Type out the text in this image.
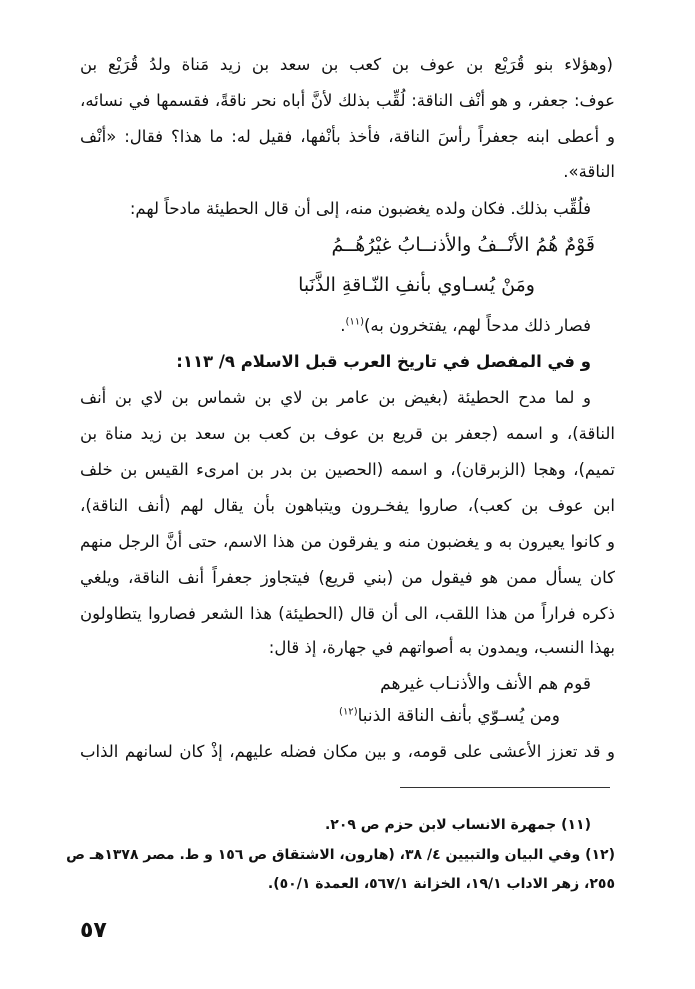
(وهؤلاء بنو قُرَيْع بن عوف بن كعب بن سعد بن زيد مَناة ولدُ قُرَيْع بن
عوف: جعفر، و هو أنْف الناقة: لُقِّب بذلك لأنَّ أباه نحر ناقةً، فقسمها في نسائه،
و أعطى ابنه جعفراً رأسَ الناقة، فأخذ بأنْفها، فقيل له: ما هذا؟ فقال: «أنْف
الناقة».
فلُقِّب بذلك. فكان ولده يغضبون منه، إلى أن قال الحطيئة مادحاً لهم:
قَوْمٌ هُمُ الأنْــفُ والأذنــابُ غيْرُهُــمُ
ومَنْ يُسـاوي بأنفِ النّـاقةِ الذَّنَبا
فصار ذلك مدحاً لهم، يفتخرون به)$^{(١١)}$.
و في المفصل في تاريخ العرب قبل الاسلام ٩/ ١١٣:
و لما مدح الحطيئة (بغيض بن عامر بن لاي بن شماس بن لاي بن أنف
الناقة)، و اسمه (جعفر بن قريع بن عوف بن كعب بن سعد بن زيد مناة بن
تميم)، وهجا (الزبرقان)، و اسمه (الحصين بن بدر بن امرىء القيس بن خلف
ابن عوف بن كعب)، صاروا يفخـرون ويتباهون بأن يقال لهم (أنف الناقة)،
و كانوا يعيرون به و يغضبون منه و يفرقون من هذا الاسم، حتى أنَّ الرجل منهم
كان يسأل ممن هو فيقول من (بني قريع) فيتجاوز جعفراً أنف الناقة، ويلغي
ذكره فراراً من هذا اللقب، الى أن قال (الحطيئة) هذا الشعر فصاروا يتطاولون
بهذا النسب، ويمدون به أصواتهم في جهارة، إذ قال:
قوم هم الأنف والأذنـاب غيرهم
ومن يُسـوّي بأنف الناقة الذنبا$^{(١٢)}$
و قد تعزز الأعشى على قومه، و بين مكان فضله عليهم، إذْ كان لسانهم الذاب
(١١) جمهرة الانساب لابن حزم ص ٢٠٩.
(١٢) وفي البيان والتبيين ٤/ ٣٨، (هارون، الاشتقاق ص ١٥٦ و ط. مصر ١٣٧٨هـ ص
٢٥٥، زهر الاداب ١٩/١، الخزانة ٥٦٧/١، العمدة ٥٠/١).
٥٧
